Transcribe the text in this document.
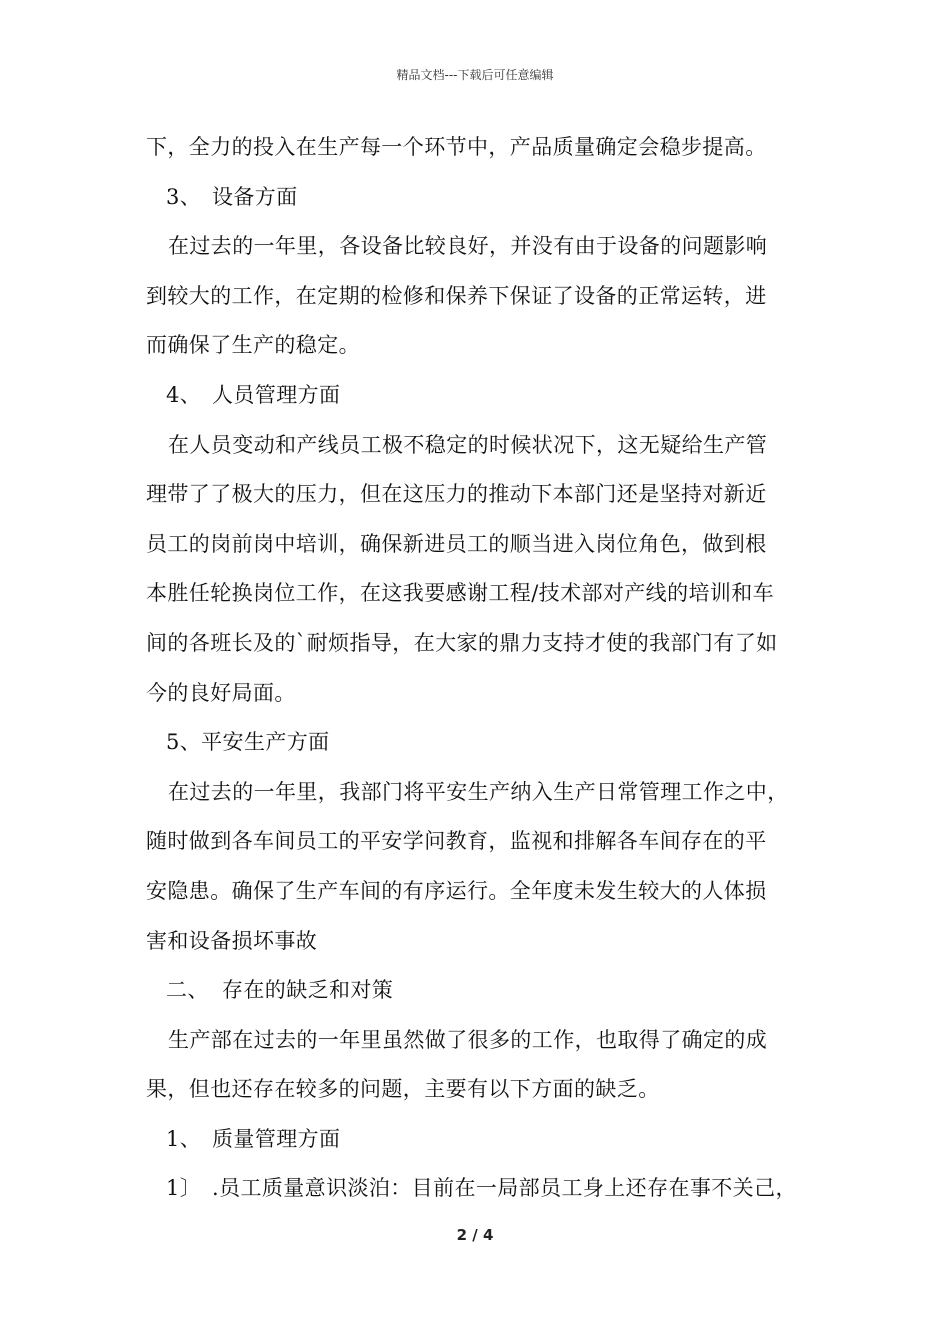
精品文档---下载后可任意编辑
下，全力的投入在生产每一个环节中，产品质量确定会稳步提高。
3、 设备方面
在过去的一年里，各设备比较良好，并没有由于设备的问题影响
到较大的工作，在定期的检修和保养下保证了设备的正常运转，进
而确保了生产的稳定。
4、 人员管理方面
在人员变动和产线员工极不稳定的时候状况下，这无疑给生产管
理带了了极大的压力，但在这压力的推动下本部门还是坚持对新近
员工的岗前岗中培训，确保新进员工的顺当进入岗位角色，做到根
本胜任轮换岗位工作，在这我要感谢工程/技术部对产线的培训和车
间的各班长及的`耐烦指导，在大家的鼎力支持才使的我部门有了如
今的良好局面。
5、平安生产方面
在过去的一年里，我部门将平安生产纳入生产日常管理工作之中，
随时做到各车间员工的平安学问教育，监视和排解各车间存在的平
安隐患。确保了生产车间的有序运行。全年度未发生较大的人体损
害和设备损坏事故
二、 存在的缺乏和对策
生产部在过去的一年里虽然做了很多的工作，也取得了确定的成
果，但也还存在较多的问题，主要有以下方面的缺乏。
1、 质量管理方面
1〕 .员工质量意识淡泊：目前在一局部员工身上还存在事不关己，
2 / 4
